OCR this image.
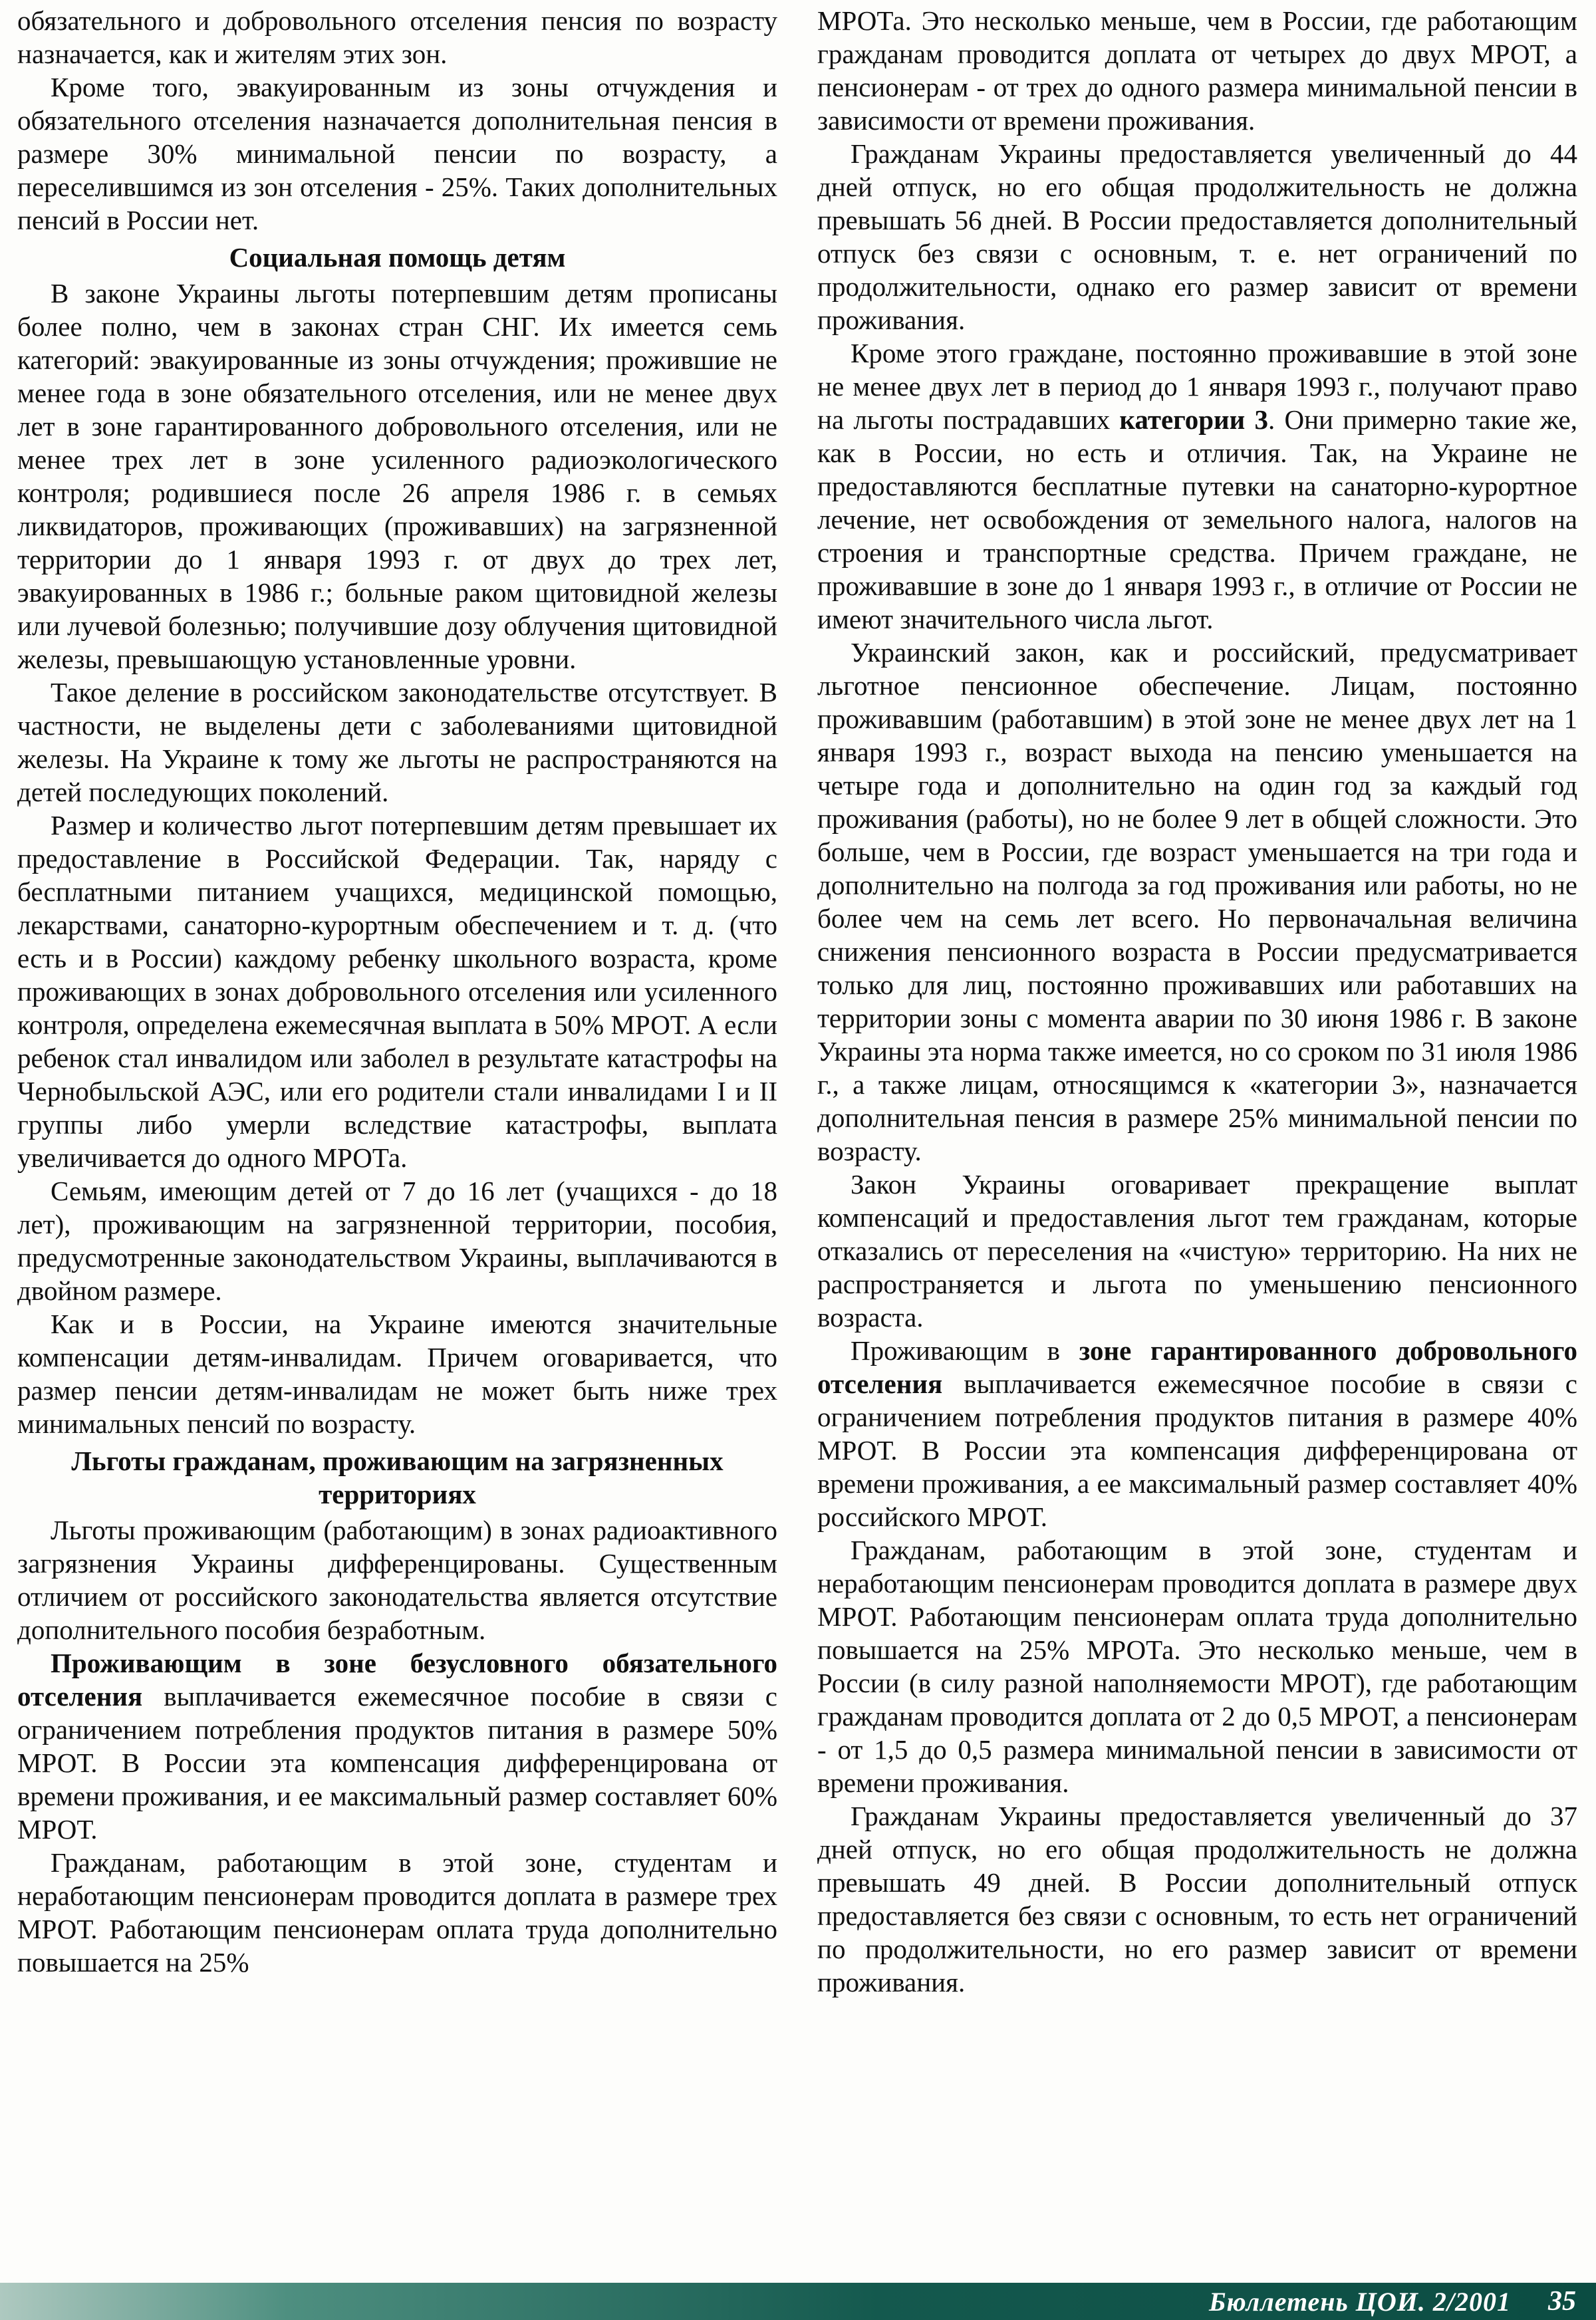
обязательного и добровольного отселения пенсия по возрасту назначается, как и жителям этих зон.

Кроме того, эвакуированным из зоны отчуждения и обязательного отселения назначается дополнительная пенсия в размере 30% минимальной пенсии по возрасту, а переселившимся из зон отселения - 25%. Таких дополнительных пенсий в России нет.

Социальная помощь детям

В законе Украины льготы потерпевшим детям прописаны более полно, чем в законах стран СНГ. Их имеется семь категорий: эвакуированные из зоны отчуждения; прожившие не менее года в зоне обязательного отселения, или не менее двух лет в зоне гарантированного добровольного отселения, или не менее трех лет в зоне усиленного радиоэкологического контроля; родившиеся после 26 апреля 1986 г. в семьях ликвидаторов, проживающих (проживавших) на загрязненной территории до 1 января 1993 г. от двух до трех лет, эвакуированных в 1986 г.; больные раком щитовидной железы или лучевой болезнью; получившие дозу облучения щитовидной железы, превышающую установленные уровни.

Такое деление в российском законодательстве отсутствует. В частности, не выделены дети с заболеваниями щитовидной железы. На Украине к тому же льготы не распространяются на детей последующих поколений.

Размер и количество льгот потерпевшим детям превышает их предоставление в Российской Федерации. Так, наряду с бесплатными питанием учащихся, медицинской помощью, лекарствами, санаторно-курортным обеспечением и т. д. (что есть и в России) каждому ребенку школьного возраста, кроме проживающих в зонах добровольного отселения или усиленного контроля, определена ежемесячная выплата в 50% МРОТ. А если ребенок стал инвалидом или заболел в результате катастрофы на Чернобыльской АЭС, или его родители стали инвалидами I и II группы либо умерли вследствие катастрофы, выплата увеличивается до одного МРОТа.

Семьям, имеющим детей от 7 до 16 лет (учащихся - до 18 лет), проживающим на загрязненной территории, пособия, предусмотренные законодательством Украины, выплачиваются в двойном размере.

Как и в России, на Украине имеются значительные компенсации детям-инвалидам. Причем оговаривается, что размер пенсии детям-инвалидам не может быть ниже трех минимальных пенсий по возрасту.

Льготы гражданам, проживающим на загрязненных территориях

Льготы проживающим (работающим) в зонах радиоактивного загрязнения Украины дифференцированы. Существенным отличием от российского законодательства является отсутствие дополнительного пособия безработным.

Проживающим в зоне безусловного обязательного отселения выплачивается ежемесячное пособие в связи с ограничением потребления продуктов питания в размере 50% МРОТ. В России эта компенсация дифференцирована от времени проживания, и ее максимальный размер составляет 60% МРОТ.

Гражданам, работающим в этой зоне, студентам и неработающим пенсионерам проводится доплата в размере трех МРОТ. Работающим пенсионерам оплата труда дополнительно повышается на 25%

МРОТа. Это несколько меньше, чем в России, где работающим гражданам проводится доплата от четырех до двух МРОТ, а пенсионерам - от трех до одного размера минимальной пенсии в зависимости от времени проживания.

Гражданам Украины предоставляется увеличенный до 44 дней отпуск, но его общая продолжительность не должна превышать 56 дней. В России предоставляется дополнительный отпуск без связи с основным, т. е. нет ограничений по продолжительности, однако его размер зависит от времени проживания.

Кроме этого граждане, постоянно проживавшие в этой зоне не менее двух лет в период до 1 января 1993 г., получают право на льготы пострадавших категории 3. Они примерно такие же, как в России, но есть и отличия. Так, на Украине не предоставляются бесплатные путевки на санаторно-курортное лечение, нет освобождения от земельного налога, налогов на строения и транспортные средства. Причем граждане, не проживавшие в зоне до 1 января 1993 г., в отличие от России не имеют значительного числа льгот.

Украинский закон, как и российский, предусматривает льготное пенсионное обеспечение. Лицам, постоянно проживавшим (работавшим) в этой зоне не менее двух лет на 1 января 1993 г., возраст выхода на пенсию уменьшается на четыре года и дополнительно на один год за каждый год проживания (работы), но не более 9 лет в общей сложности. Это больше, чем в России, где возраст уменьшается на три года и дополнительно на полгода за год проживания или работы, но не более чем на семь лет всего. Но первоначальная величина снижения пенсионного возраста в России предусматривается только для лиц, постоянно проживавших или работавших на территории зоны с момента аварии по 30 июня 1986 г. В законе Украины эта норма также имеется, но со сроком по 31 июля 1986 г., а также лицам, относящимся к «категории 3», назначается дополнительная пенсия в размере 25% минимальной пенсии по возрасту.

Закон Украины оговаривает прекращение выплат компенсаций и предоставления льгот тем гражданам, которые отказались от переселения на «чистую» территорию. На них не распространяется и льгота по уменьшению пенсионного возраста.

Проживающим в зоне гарантированного добровольного отселения выплачивается ежемесячное пособие в связи с ограничением потребления продуктов питания в размере 40% МРОТ. В России эта компенсация дифференцирована от времени проживания, а ее максимальный размер составляет 40% российского МРОТ.

Гражданам, работающим в этой зоне, студентам и неработающим пенсионерам проводится доплата в размере двух МРОТ. Работающим пенсионерам оплата труда дополнительно повышается на 25% МРОТа. Это несколько меньше, чем в России (в силу разной наполняемости МРОТ), где работающим гражданам проводится доплата от 2 до 0,5 МРОТ, а пенсионерам - от 1,5 до 0,5 размера минимальной пенсии в зависимости от времени проживания.

Гражданам Украины предоставляется увеличенный до 37 дней отпуск, но его общая продолжительность не должна превышать 49 дней. В России дополнительный отпуск предоставляется без связи с основным, то есть нет ограничений по продолжительности, но его размер зависит от времени проживания.

Бюллетень ЦОИ. 2/2001 35
